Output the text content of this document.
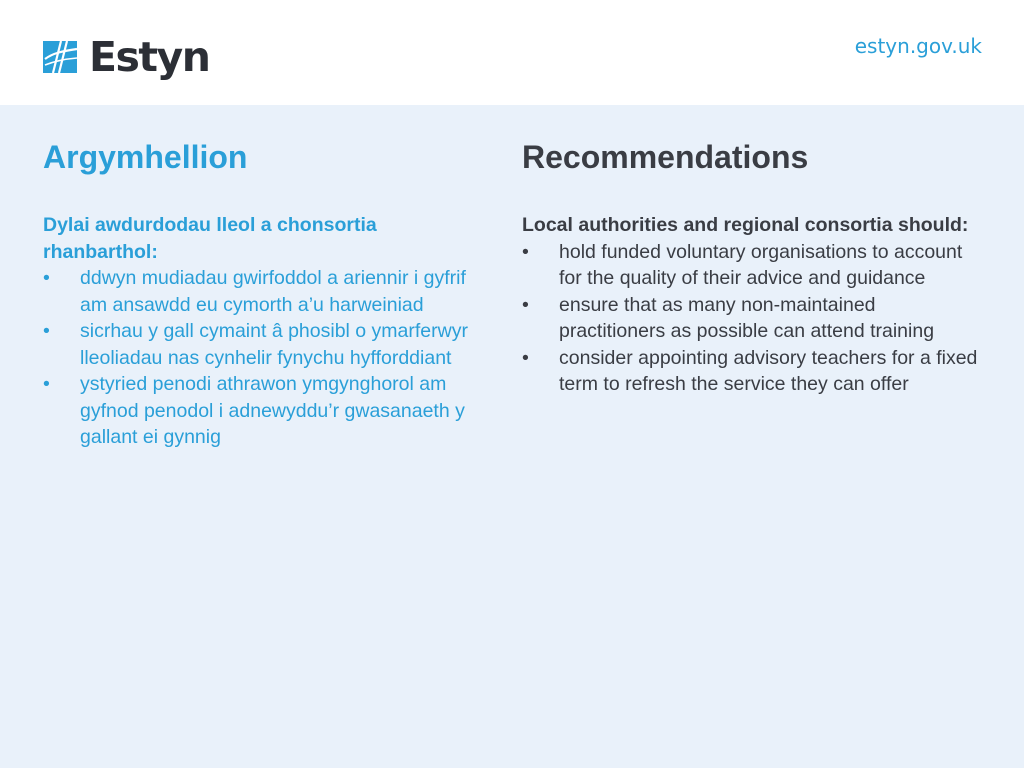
Estyn	estyn.gov.uk
Argymhellion

Dylai awdurdodau lleol a chonsortia rhanbarthol:

• ddwyn mudiadau gwirfoddol a ariennir i gyfrif am ansawdd eu cymorth a’u harweiniad
• sicrhau y gall cymaint â phosibl o ymarferwyr lleoliadau nas cynhelir fynychu hyfforddiant
• ystyried penodi athrawon ymgynghorol am gyfnod penodol i adnewyddu’r gwasanaeth y gallant ei gynnig
Recommendations

Local authorities and regional consortia should:

• hold funded voluntary organisations to account for the quality of their advice and guidance
• ensure that as many non-maintained practitioners as possible can attend training
• consider appointing advisory teachers for a fixed term to refresh the service they can offer
